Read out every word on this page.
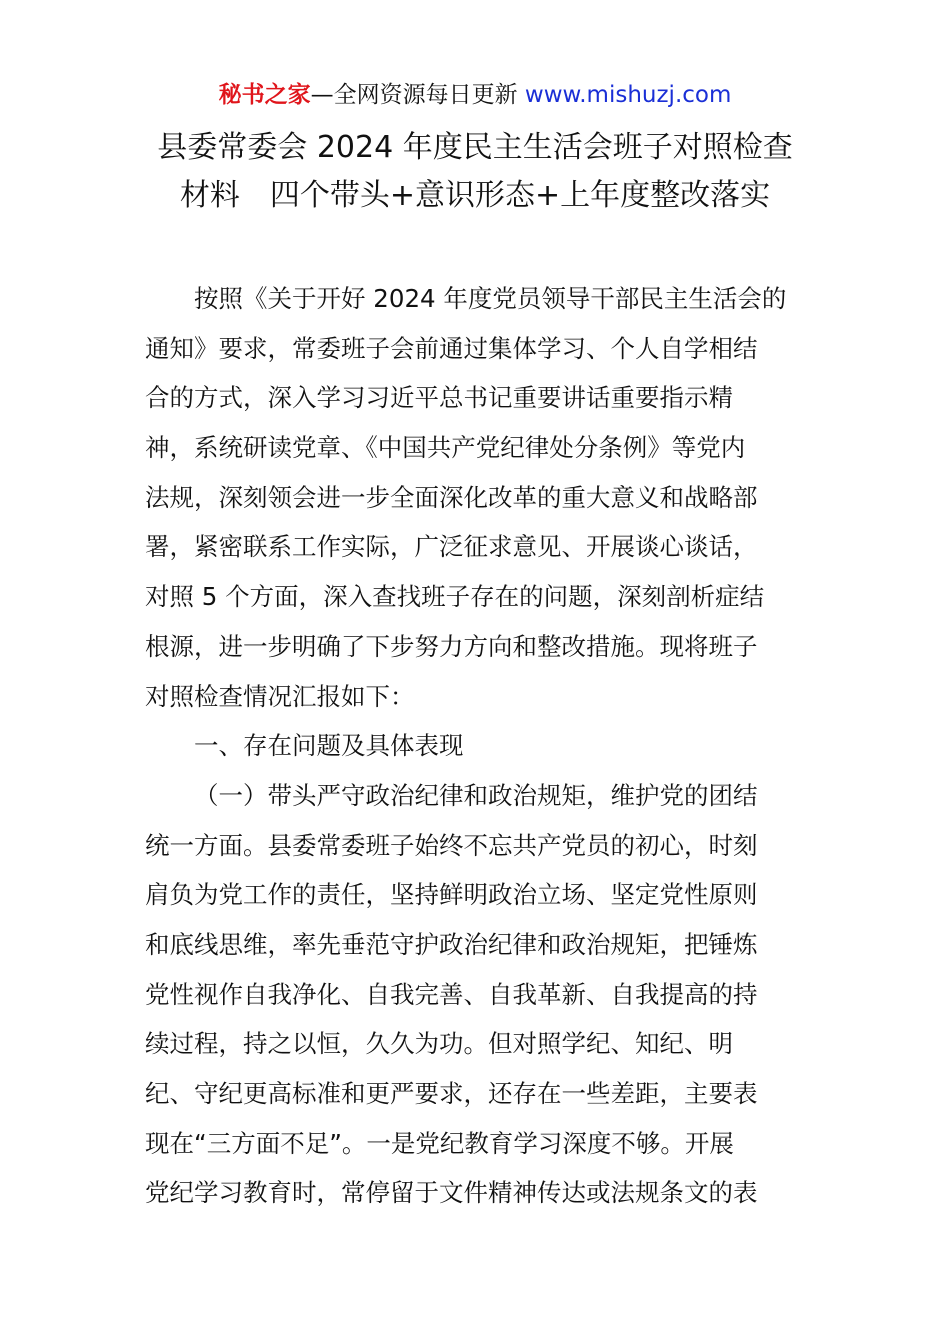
秘书之家—全网资源每日更新 www.mishuzj.com
县委常委会 2024 年度民主生活会班子对照检查
材料　四个带头+意识形态+上年度整改落实
按照《关于开好 2024 年度党员领导干部民主生活会的
通知》要求，常委班子会前通过集体学习、个人自学相结
合的方式，深入学习习近平总书记重要讲话重要指示精
神，系统研读党章、《中国共产党纪律处分条例》等党内
法规，深刻领会进一步全面深化改革的重大意义和战略部
署，紧密联系工作实际，广泛征求意见、开展谈心谈话，
对照 5 个方面，深入查找班子存在的问题，深刻剖析症结
根源，进一步明确了下步努力方向和整改措施。现将班子
对照检查情况汇报如下：
一、存在问题及具体表现
（一）带头严守政治纪律和政治规矩，维护党的团结
统一方面。县委常委班子始终不忘共产党员的初心，时刻
肩负为党工作的责任，坚持鲜明政治立场、坚定党性原则
和底线思维，率先垂范守护政治纪律和政治规矩，把锤炼
党性视作自我净化、自我完善、自我革新、自我提高的持
续过程，持之以恒，久久为功。但对照学纪、知纪、明
纪、守纪更高标准和更严要求，还存在一些差距，主要表
现在“三方面不足”。一是党纪教育学习深度不够。开展
党纪学习教育时，常停留于文件精神传达或法规条文的表
